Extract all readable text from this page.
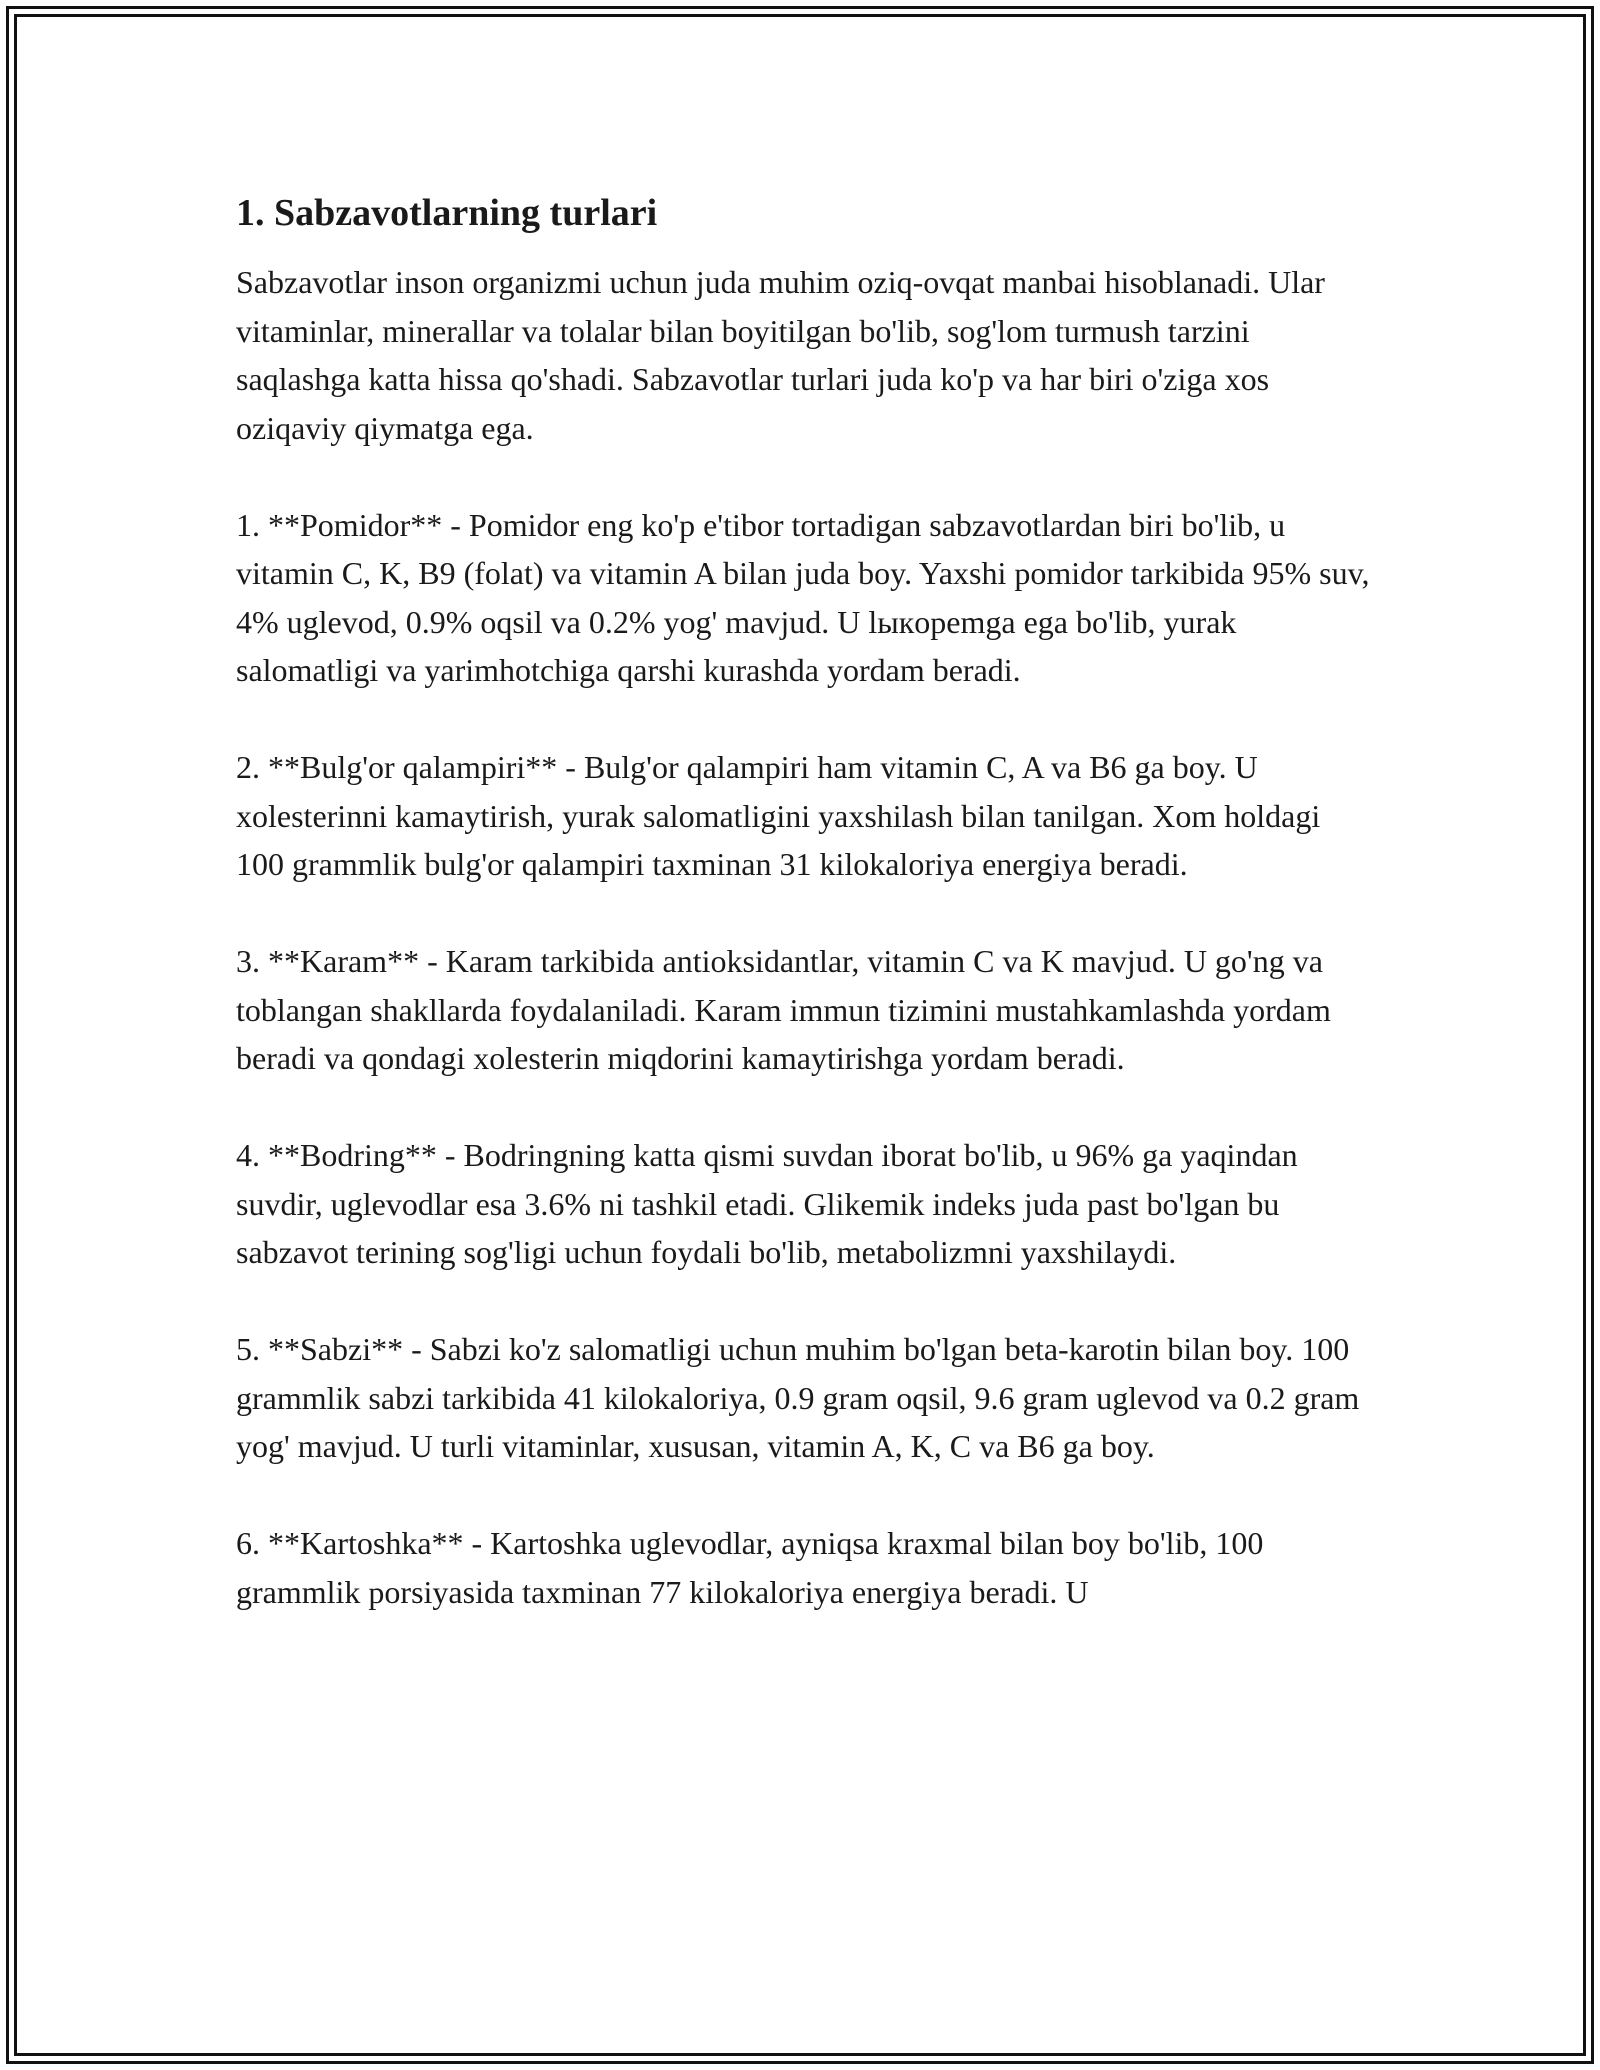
1. Sabzavotlarning turlari

Sabzavotlar inson organizmi uchun juda muhim oziq-ovqat manbai hisoblanadi. Ular vitaminlar, minerallar va tolalar bilan boyitilgan bo'lib, sog'lom turmush tarzini saqlashga katta hissa qo'shadi. Sabzavotlar turlari juda ko'p va har biri o'ziga xos oziqaviy qiymatga ega.

1. **Pomidor** - Pomidor eng ko'p e'tibor tortadigan sabzavotlardan biri bo'lib, u vitamin C, K, B9 (folat) va vitamin A bilan juda boy. Yaxshi pomidor tarkibida 95% suv, 4% uglevod, 0.9% oqsil va 0.2% yog' mavjud. U lыкopemga ega bo'lib, yurak salomatligi va yarimhotchiga qarshi kurashda yordam beradi.

2. **Bulg'or qalampiri** - Bulg'or qalampiri ham vitamin C, A va B6 ga boy. U xolesterinni kamaytirish, yurak salomatligini yaxshilash bilan tanilgan. Xom holdagi 100 grammlik bulg'or qalampiri taxminan 31 kilokaloriya energiya beradi.

3. **Karam** - Karam tarkibida antioksidantlar, vitamin C va K mavjud. U go'ng va toblangan shakllarda foydalaniladi. Karam immun tizimini mustahkamlashda yordam beradi va qondagi xolesterin miqdorini kamaytirishga yordam beradi.

4. **Bodring** - Bodringning katta qismi suvdan iborat bo'lib, u 96% ga yaqindan suvdir, uglevodlar esa 3.6% ni tashkil etadi. Glikemik indeks juda past bo'lgan bu sabzavot terining sog'ligi uchun foydali bo'lib, metabolizmni yaxshilaydi.

5. **Sabzi** - Sabzi ko'z salomatligi uchun muhim bo'lgan beta-karotin bilan boy. 100 grammlik sabzi tarkibida 41 kilokaloriya, 0.9 gram oqsil, 9.6 gram uglevod va 0.2 gram yog' mavjud. U turli vitaminlar, xususan, vitamin A, K, C va B6 ga boy.

6. **Kartoshka** - Kartoshka uglevodlar, ayniqsa kraxmal bilan boy bo'lib, 100 grammlik porsiyasida taxminan 77 kilokaloriya energiya beradi. U
